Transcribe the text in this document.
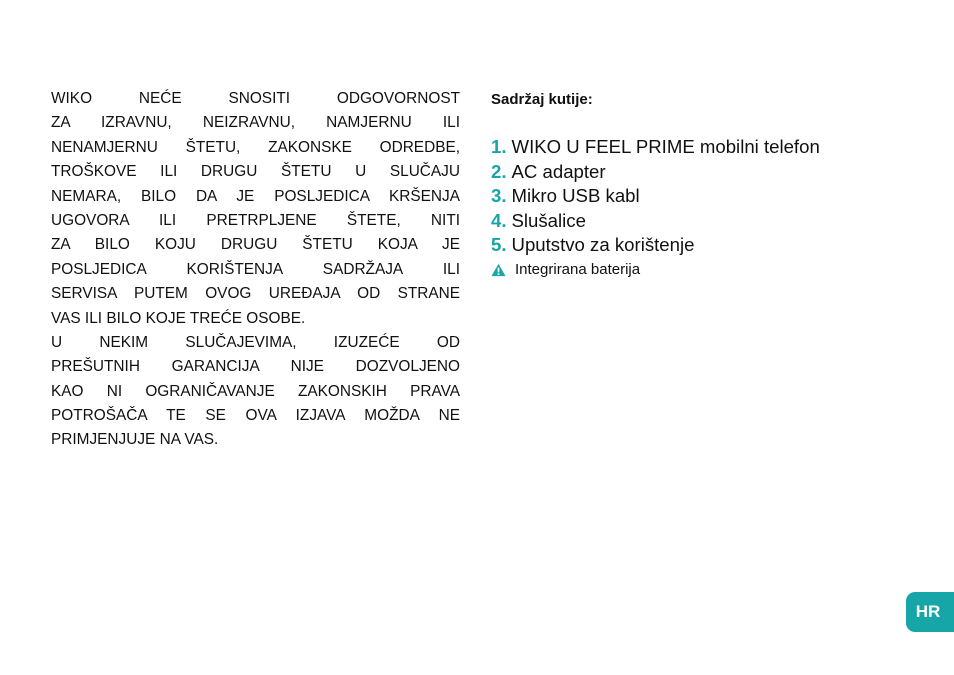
WIKO NEĆE SNOSITI ODGOVORNOST
ZA IZRAVNU, NEIZRAVNU, NAMJERNU ILI
NENAMJERNU ŠTETU, ZAKONSKE ODREDBE,
TROŠKOVE ILI DRUGU ŠTETU U SLUČAJU
NEMARA, BILO DA JE POSLJEDICA KRŠENJA
UGOVORA ILI PRETRPLJENE ŠTETE, NITI
ZA BILO KOJU DRUGU ŠTETU KOJA JE
POSLJEDICA KORIŠTENJA SADRŽAJA ILI
SERVISA PUTEM OVOG UREĐAJA OD STRANE
VAS ILI BILO KOJE TREĆE OSOBE.
U NEKIM SLUČAJEVIMA, IZUZEĆE OD
PREŠUTNIH GARANCIJA NIJE DOZVOLJENO
KAO NI OGRANIČAVANJE ZAKONSKIH PRAVA
POTROŠAČA TE SE OVA IZJAVA MOŽDA NE
PRIMJENJUJE NA VAS.
Sadržaj kutije:
1. WIKO U FEEL PRIME mobilni telefon
2. AC adapter
3. Mikro USB kabl
4. Slušalice
5. Uputstvo za korištenje
Integrirana baterija
HR
